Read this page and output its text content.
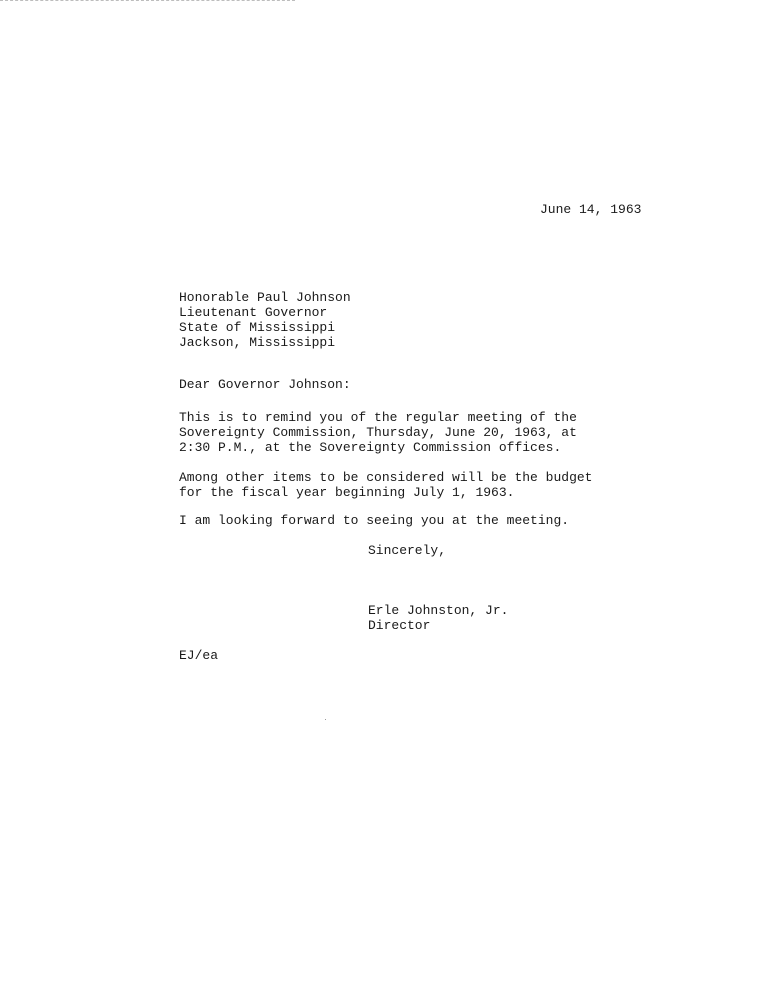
June 14, 1963
Honorable Paul Johnson
Lieutenant Governor
State of Mississippi
Jackson, Mississippi
Dear Governor Johnson:
This is to remind you of the regular meeting of the
Sovereignty Commission, Thursday, June 20, 1963, at
2:30 P.M., at the Sovereignty Commission offices.
Among other items to be considered will be the budget
for the fiscal year beginning July 1, 1963.
I am looking forward to seeing you at the meeting.
Sincerely,
Erle Johnston, Jr.
Director
EJ/ea
